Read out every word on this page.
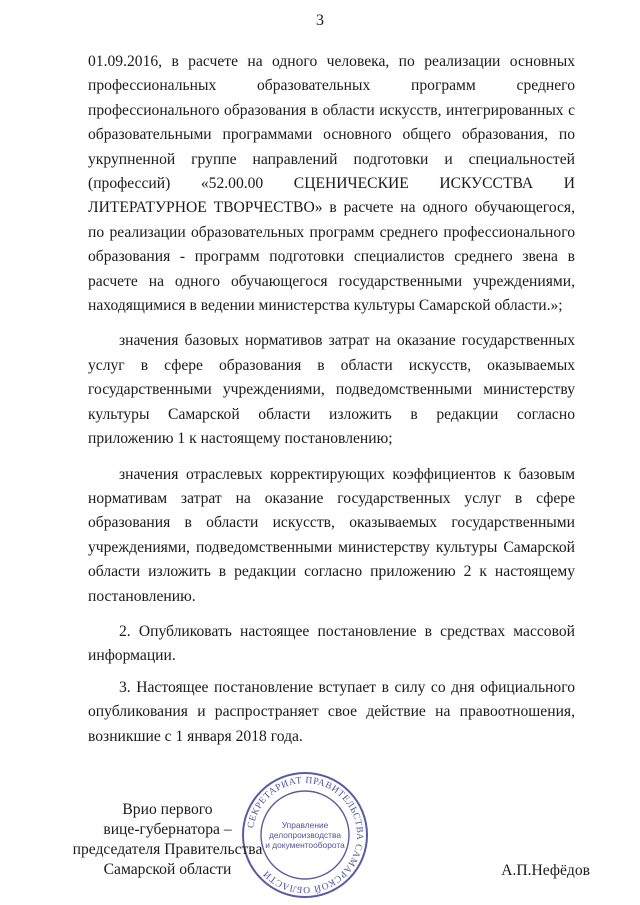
3

01.09.2016, в расчете на одного человека, по реализации основных профессиональных образовательных программ среднего профессионального образования в области искусств, интегрированных с образовательными программами основного общего образования, по укрупненной группе направлений подготовки и специальностей (профессий) «52.00.00 СЦЕНИЧЕСКИЕ ИСКУССТВА И ЛИТЕРАТУРНОЕ ТВОРЧЕСТВО» в расчете на одного обучающегося, по реализации образовательных программ среднего профессионального образования - программ подготовки специалистов среднего звена в расчете на одного обучающегося государственными учреждениями, находящимися в ведении министерства культуры Самарской области.»;

значения базовых нормативов затрат на оказание государственных услуг в сфере образования в области искусств, оказываемых государственными учреждениями, подведомственными министерству культуры Самарской области изложить в редакции согласно приложению 1 к настоящему постановлению;

значения отраслевых корректирующих коэффициентов к базовым нормативам затрат на оказание государственных услуг в сфере образования в области искусств, оказываемых государственными учреждениями, подведомственными министерству культуры Самарской области изложить в редакции согласно приложению 2 к настоящему постановлению.

2. Опубликовать настоящее постановление в средствах массовой информации.

3. Настоящее постановление вступает в силу со дня официального опубликования и распространяет свое действие на правоотношения, возникшие с 1 января 2018 года.

СЕКРЕТАРИАТ ПРАВИТЕЛЬСТВА САМАРСКОЙ ОБЛАСТИ
Управление
делопроизводства
и документооборота
Врио первого
вице-губернатора –
председателя Правительства
Самарской области	А.П.Нефёдов
